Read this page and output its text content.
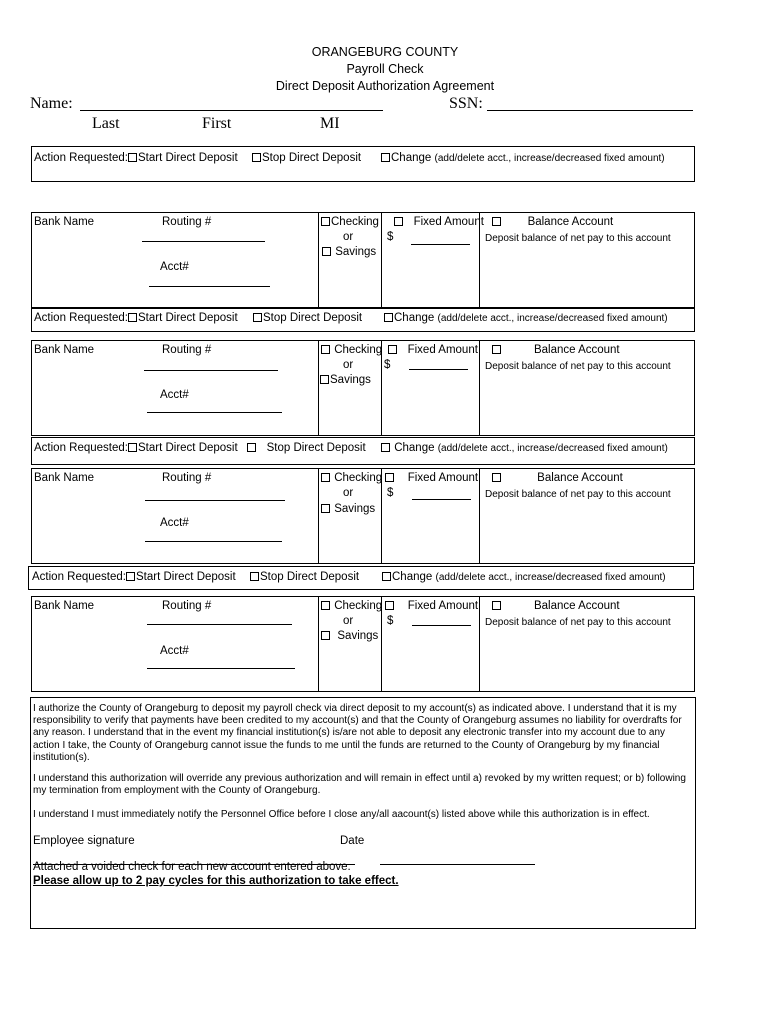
ORANGEBURG COUNTY
Payroll Check
Direct Deposit Authorization Agreement
Name:	SSN:
Last	First	MI
Action Requested: Start Direct Deposit	Stop Direct Deposit	Change (add/delete acct., increase/decreased fixed amount)
Bank Name	Routing #
Acct#
Checking
or
Savings
Fixed Amount
$
Balance Account
Deposit balance of net pay to this account
Action Requested: Start Direct Deposit	Stop Direct Deposit	Change (add/delete acct., increase/decreased fixed amount)
Bank Name	Routing #
Acct#
Checking
or
Savings
Fixed Amount
$
Balance Account
Deposit balance of net pay to this account
Action Requested: Start Direct Deposit	Stop Direct Deposit	Change (add/delete acct., increase/decreased fixed amount)
Bank Name	Routing #
Acct#
Checking
or
Savings
Fixed Amount
$
Balance Account
Deposit balance of net pay to this account
Action Requested: Start Direct Deposit	Stop Direct Deposit	Change (add/delete acct., increase/decreased fixed amount)
Bank Name	Routing #
Acct#
Checking
or
Savings
Fixed Amount
$
Balance Account
Deposit balance of net pay to this account
I authorize the County of Orangeburg to deposit my payroll check via direct deposit to my account(s) as indicated above. I understand that it is my responsibility to verify that payments have been credited to my account(s) and that the County of Orangeburg assumes no liability for overdrafts for any reason. I understand that in the event my financial institution(s) is/are not able to deposit any electronic transfer into my account due to any action I take, the County of Orangeburg cannot issue the funds to me until the funds are returned to the County of Orangeburg by my financial institution(s).
I understand this authorization will override any previous authorization and will remain in effect until a) revoked by my written request; or b) following my termination from employment with the County of Orangeburg.
I understand I must immediately notify the Personnel Office before I close any/all aacount(s) listed above while this authorization is in effect.
Employee signature	Date
Attached a voided check for each new account entered above.
Please allow up to 2 pay cycles for this authorization to take effect.
